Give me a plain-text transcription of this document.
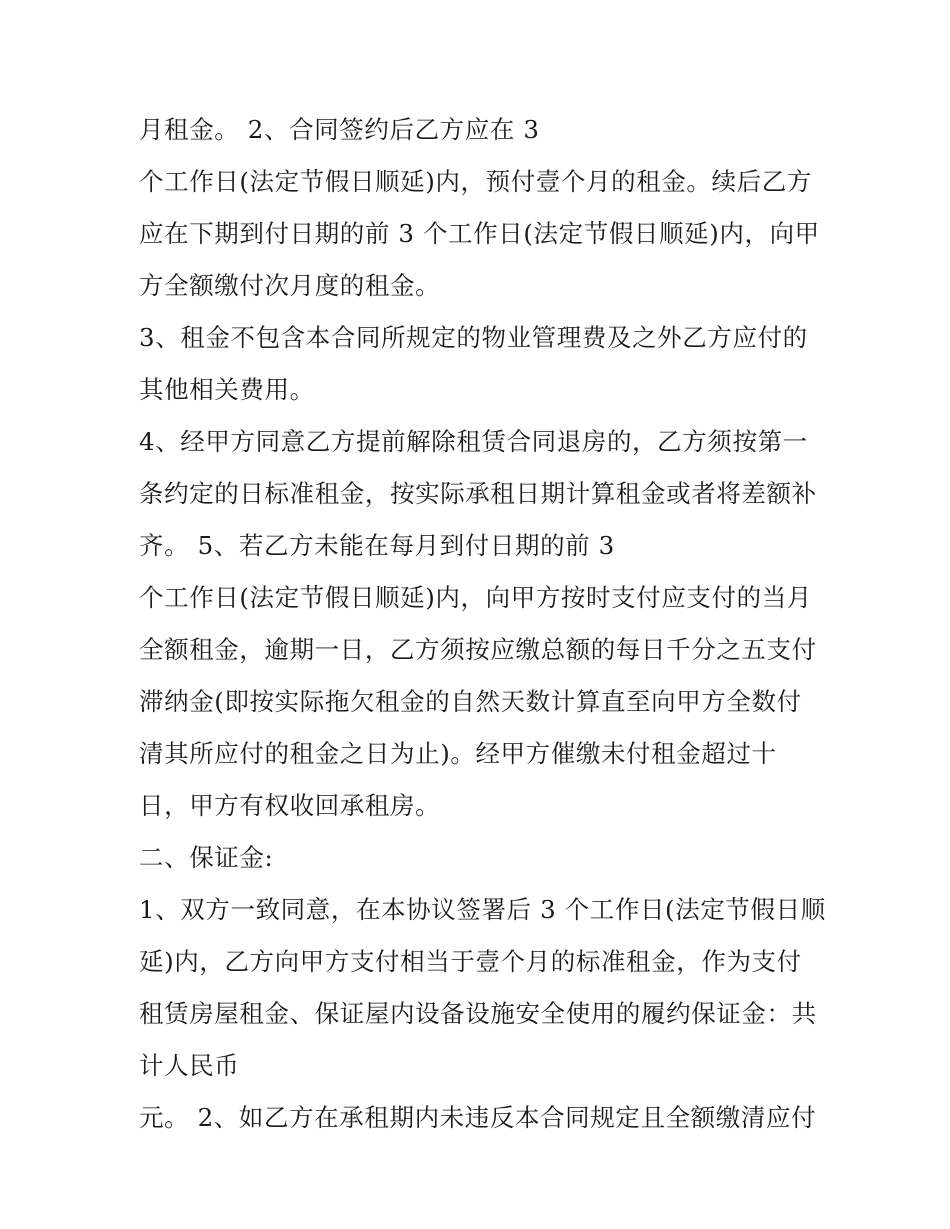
月租金。 2、合同签约后乙方应在 3
个工作日(法定节假日顺延)内，预付壹个月的租金。续后乙方
应在下期到付日期的前 3 个工作日(法定节假日顺延)内，向甲
方全额缴付次月度的租金。
3、租金不包含本合同所规定的物业管理费及之外乙方应付的
其他相关费用。
4、经甲方同意乙方提前解除租赁合同退房的，乙方须按第一
条约定的日标准租金，按实际承租日期计算租金或者将差额补
齐。 5、若乙方未能在每月到付日期的前 3
个工作日(法定节假日顺延)内，向甲方按时支付应支付的当月
全额租金，逾期一日，乙方须按应缴总额的每日千分之五支付
滞纳金(即按实际拖欠租金的自然天数计算直至向甲方全数付
清其所应付的租金之日为止)。经甲方催缴未付租金超过十
日，甲方有权收回承租房。
二、保证金:
1、双方一致同意，在本协议签署后 3 个工作日(法定节假日顺
延)内，乙方向甲方支付相当于壹个月的标准租金，作为支付
租赁房屋租金、保证屋内设备设施安全使用的履约保证金：共
计人民币
元。 2、如乙方在承租期内未违反本合同规定且全额缴清应付
